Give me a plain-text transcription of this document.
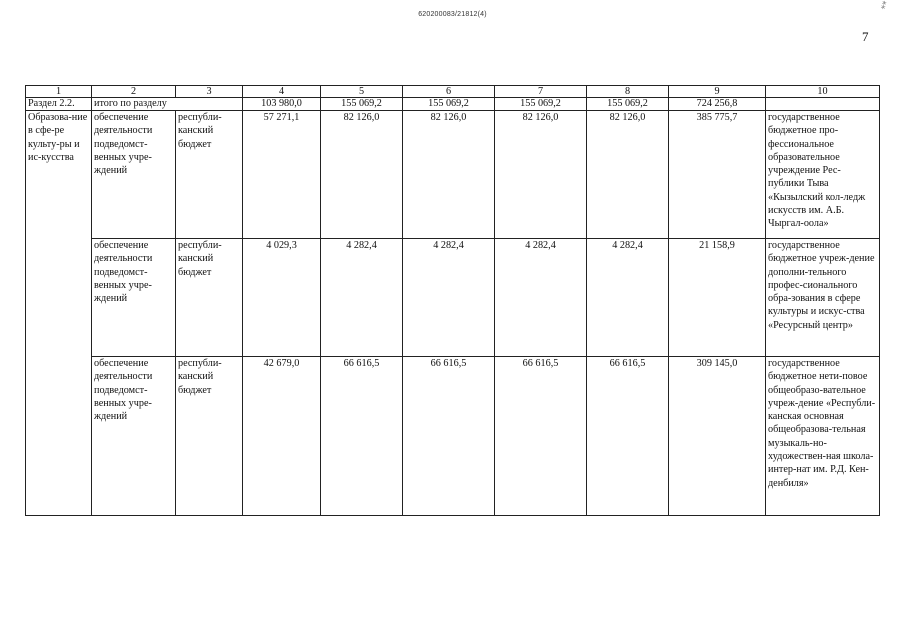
620200083/21812(4)
7
⁑
1	2	3	4	5	6	7	8	9	10
Раздел 2.2.	итого по разделу		103 980,0	155 069,2	155 069,2	155 069,2	155 069,2	724 256,8	
Образова-ние в сфе-ре культу-ры и ис-кусства	обеспечение деятельности подведомст-венных учре-ждений	республи-канский бюджет	57 271,1	82 126,0	82 126,0	82 126,0	82 126,0	385 775,7	государственное бюджетное про-фессиональное образовательное учреждение Рес-публики Тыва «Кызылский кол-ледж искусств им. А.Б. Чыргал-оола»
	обеспечение деятельности подведомст-венных учре-ждений	республи-канский бюджет	4 029,3	4 282,4	4 282,4	4 282,4	4 282,4	21 158,9	государственное бюджетное учреж-дение дополни-тельного профес-сионального обра-зования в сфере культуры и искус-ства «Ресурсный центр»
	обеспечение деятельности подведомст-венных учре-ждений	республи-канский бюджет	42 679,0	66 616,5	66 616,5	66 616,5	66 616,5	309 145,0	государственное бюджетное нети-повое общеобразо-вательное учреж-дение «Республи-канская основная общеобразова-тельная музыкаль-но-художествен-ная школа-интер-нат им. Р.Д. Кен-денбиля»
